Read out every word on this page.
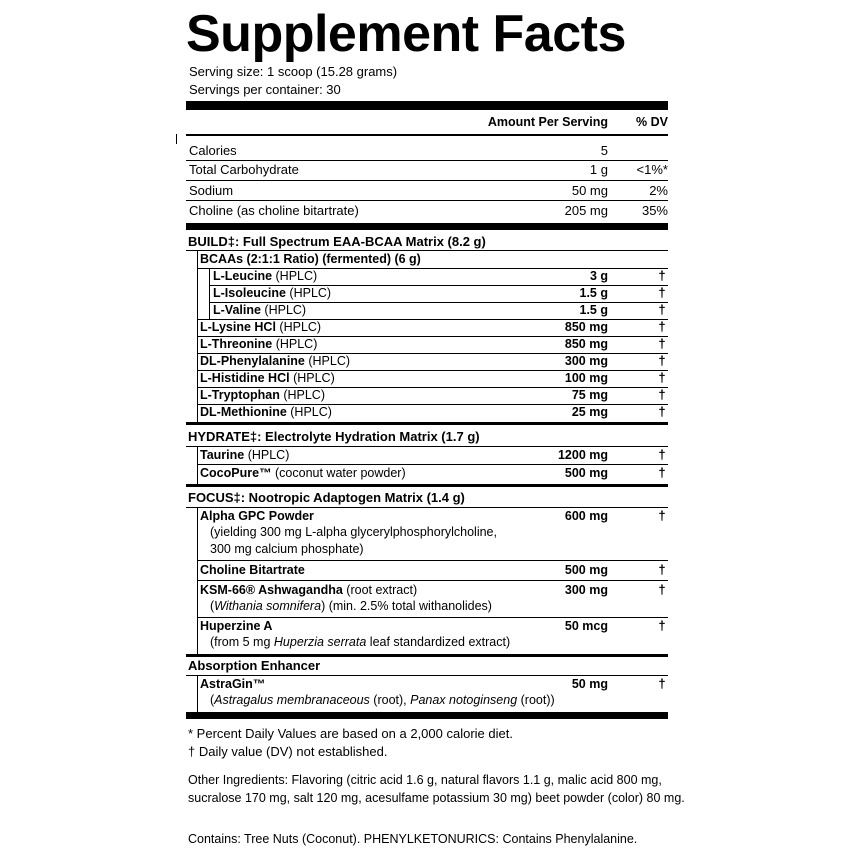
Supplement Facts
Serving size: 1 scoop (15.28 grams)
Servings per container: 30
Amount Per Serving	% DV
Calories	5
Total Carbohydrate	1 g	<1%*
Sodium	50 mg	2%
Choline (as choline bitartrate)	205 mg	35%
BUILD‡: Full Spectrum EAA-BCAA Matrix (8.2 g)
BCAAs (2:1:1 Ratio) (fermented) (6 g)
L-Leucine (HPLC)	3 g	†
L-Isoleucine (HPLC)	1.5 g	†
L-Valine (HPLC)	1.5 g	†
L-Lysine HCl (HPLC)	850 mg	†
L-Threonine (HPLC)	850 mg	†
DL-Phenylalanine (HPLC)	300 mg	†
L-Histidine HCl (HPLC)	100 mg	†
L-Tryptophan (HPLC)	75 mg	†
DL-Methionine (HPLC)	25 mg	†
HYDRATE‡: Electrolyte Hydration Matrix (1.7 g)
Taurine (HPLC)	1200 mg	†
CocoPure™ (coconut water powder)	500 mg	†
FOCUS‡: Nootropic Adaptogen Matrix (1.4 g)
Alpha GPC Powder
(yielding 300 mg L-alpha glycerylphosphorylcholine,
300 mg calcium phosphate)
600 mg	†
Choline Bitartrate	500 mg	†
KSM-66® Ashwagandha (root extract)
(Withania somnifera) (min. 2.5% total withanolides)
300 mg	†
Huperzine A
(from 5 mg Huperzia serrata leaf standardized extract)
50 mcg	†
Absorption Enhancer
AstraGin™
(Astragalus membranaceous (root), Panax notoginseng (root))
50 mg	†
* Percent Daily Values are based on a 2,000 calorie diet.
† Daily value (DV) not established.
Other Ingredients: Flavoring (citric acid 1.6 g, natural flavors 1.1 g, malic acid 800 mg,
sucralose 170 mg, salt 120 mg, acesulfame potassium 30 mg) beet powder (color) 80 mg.
Contains: Tree Nuts (Coconut). PHENYLKETONURICS: Contains Phenylalanine.
